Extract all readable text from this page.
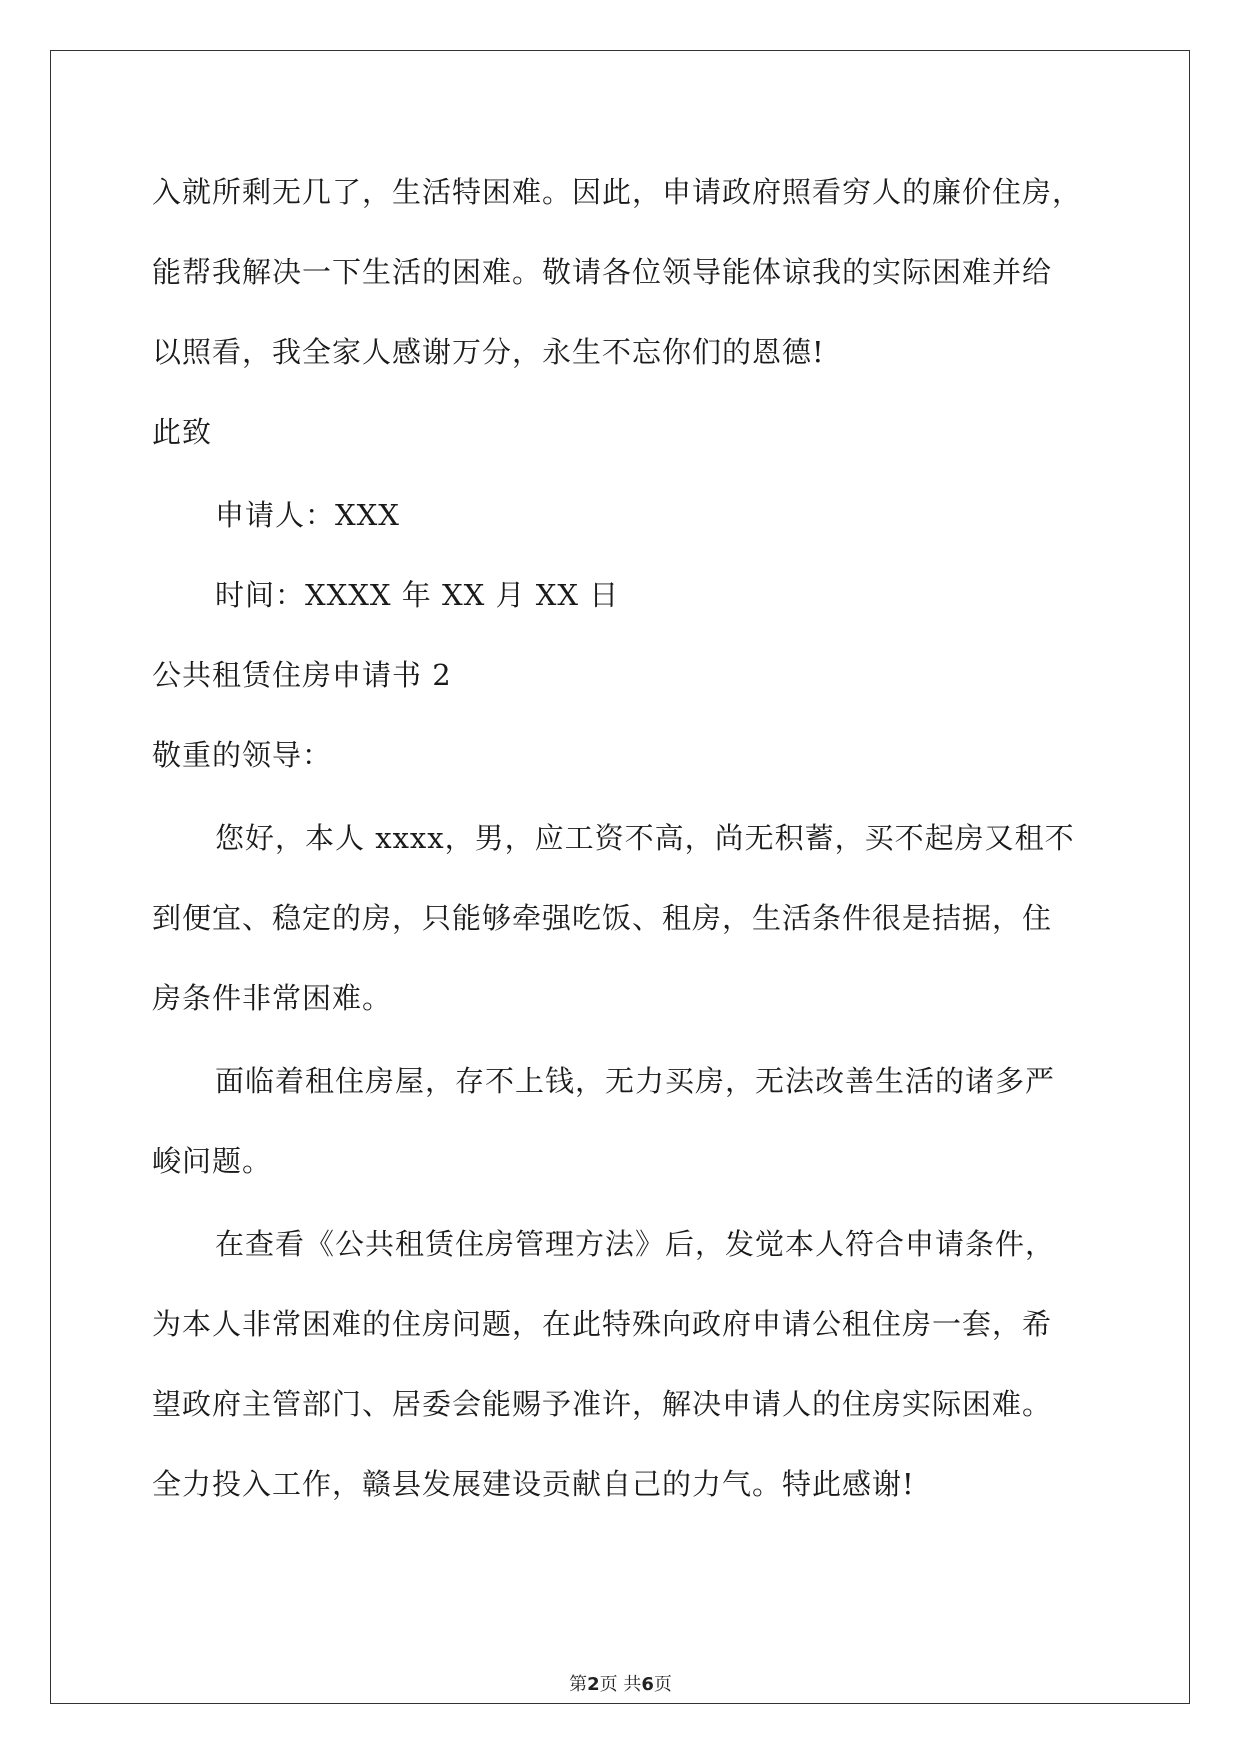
入就所剩无几了，生活特困难。因此，申请政府照看穷人的廉价住房，
能帮我解决一下生活的困难。敬请各位领导能体谅我的实际困难并给
以照看，我全家人感谢万分，永生不忘你们的恩德!
此致
申请人：XXX
时间：XXXX 年 XX 月 XX 日
公共租赁住房申请书 2
敬重的领导：
您好，本人 xxxx，男，应工资不高，尚无积蓄，买不起房又租不
到便宜、稳定的房，只能够牵强吃饭、租房，生活条件很是拮据，住
房条件非常困难。
面临着租住房屋，存不上钱，无力买房，无法改善生活的诸多严
峻问题。
在查看《公共租赁住房管理方法》后，发觉本人符合申请条件，
为本人非常困难的住房问题，在此特殊向政府申请公租住房一套，希
望政府主管部门、居委会能赐予准许，解决申请人的住房实际困难。
全力投入工作，赣县发展建设贡献自己的力气。特此感谢!
第2页 共6页
